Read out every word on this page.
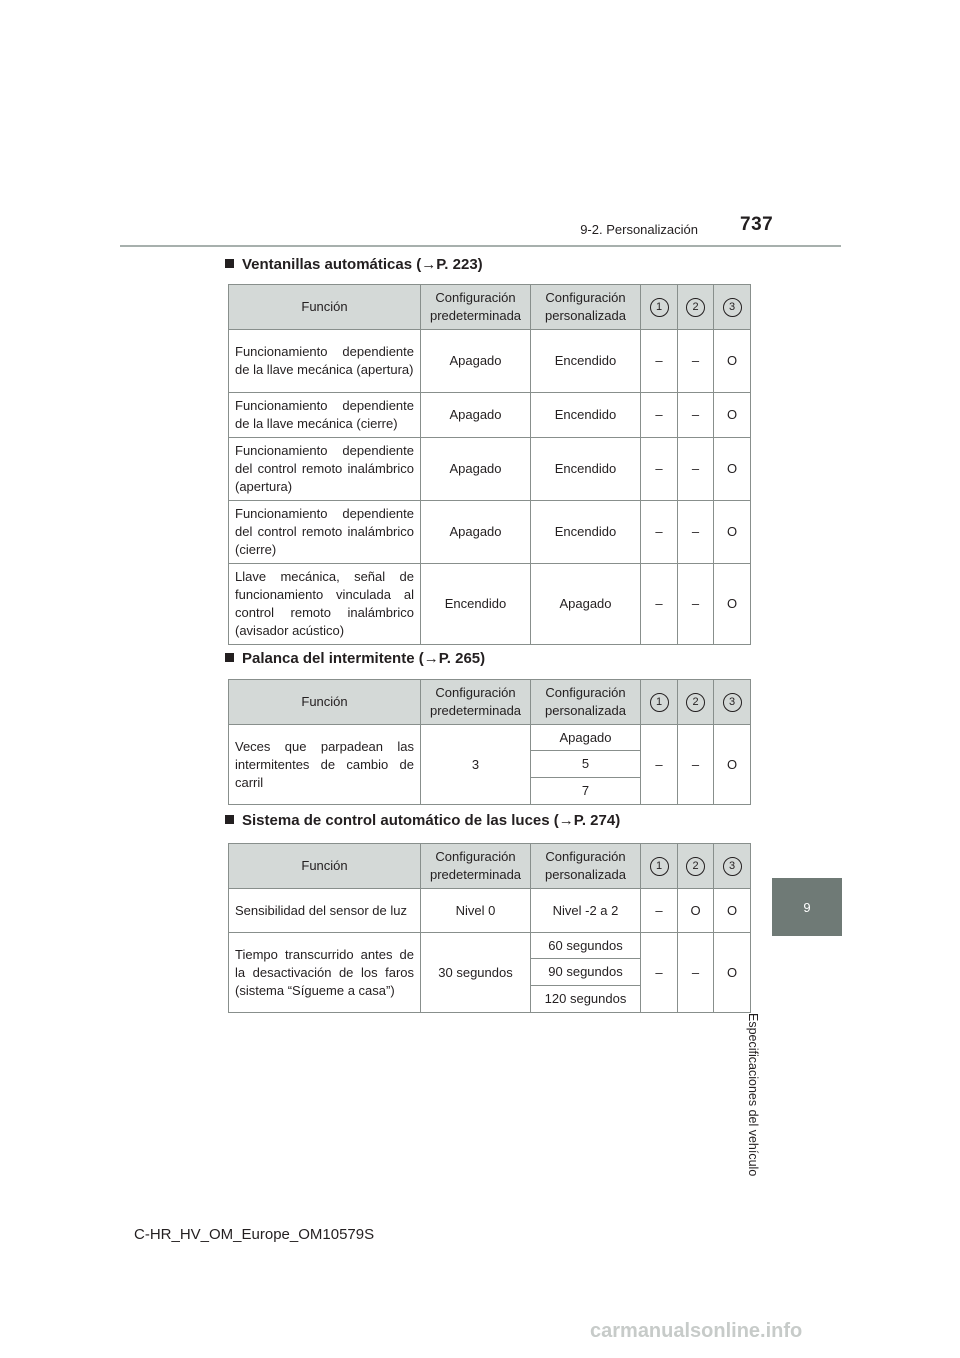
9-2. Personalización 737
9
Especificaciones del vehículo
Ventanillas automáticas (→P. 223)
Función	Configuración predeterminada	Configuración personalizada	1	2	3
Funcionamiento dependiente de la llave mecánica (apertura)	Apagado	Encendido	–	–	O
Funcionamiento dependiente de la llave mecánica (cierre)	Apagado	Encendido	–	–	O
Funcionamiento dependiente del control remoto inalámbrico (apertura)	Apagado	Encendido	–	–	O
Funcionamiento dependiente del control remoto inalámbrico (cierre)	Apagado	Encendido	–	–	O
Llave mecánica, señal de funcionamiento vinculada al control remoto inalámbrico (avisador acústico)	Encendido	Apagado	–	–	O
Palanca del intermitente (→P. 265)
Función	Configuración predeterminada	Configuración personalizada	1	2	3
Veces que parpadean las intermitentes de cambio de carril	3	Apagado	–	–	O
		5			
		7			
Sistema de control automático de las luces (→P. 274)
Función	Configuración predeterminada	Configuración personalizada	1	2	3
Sensibilidad del sensor de luz	Nivel 0	Nivel -2 a 2	–	O	O
Tiempo transcurrido antes de la desactivación de los faros (sistema “Sígueme a casa”)	30 segundos	60 segundos	–	–	O
		90 segundos			
		120 segundos			
C-HR_HV_OM_Europe_OM10579S
carmanualsonline.info
